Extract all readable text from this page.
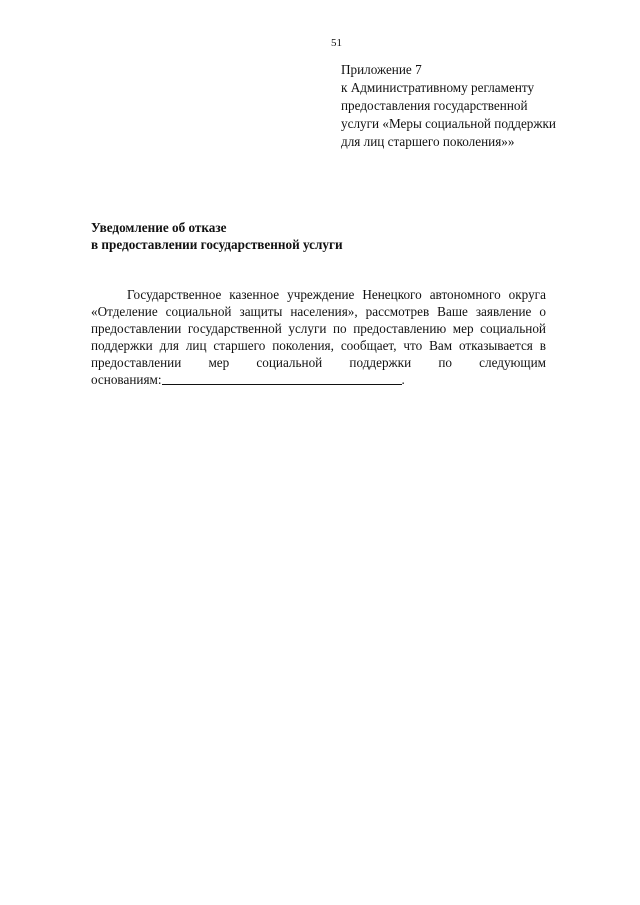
51
Приложение 7
к Административному регламенту
предоставления государственной
услуги «Меры социальной поддержки
для лиц старшего поколения»»
Уведомление об отказе
в предоставлении государственной услуги
Государственное казенное учреждение Ненецкого автономного округа
«Отделение социальной защиты населения», рассмотрев Ваше заявление о
предоставлении государственной услуги по предоставлению мер социальной
поддержки для лиц старшего поколения, сообщает, что Вам отказывается в
предоставлении мер социальной поддержки по следующим
основаниям:	.
